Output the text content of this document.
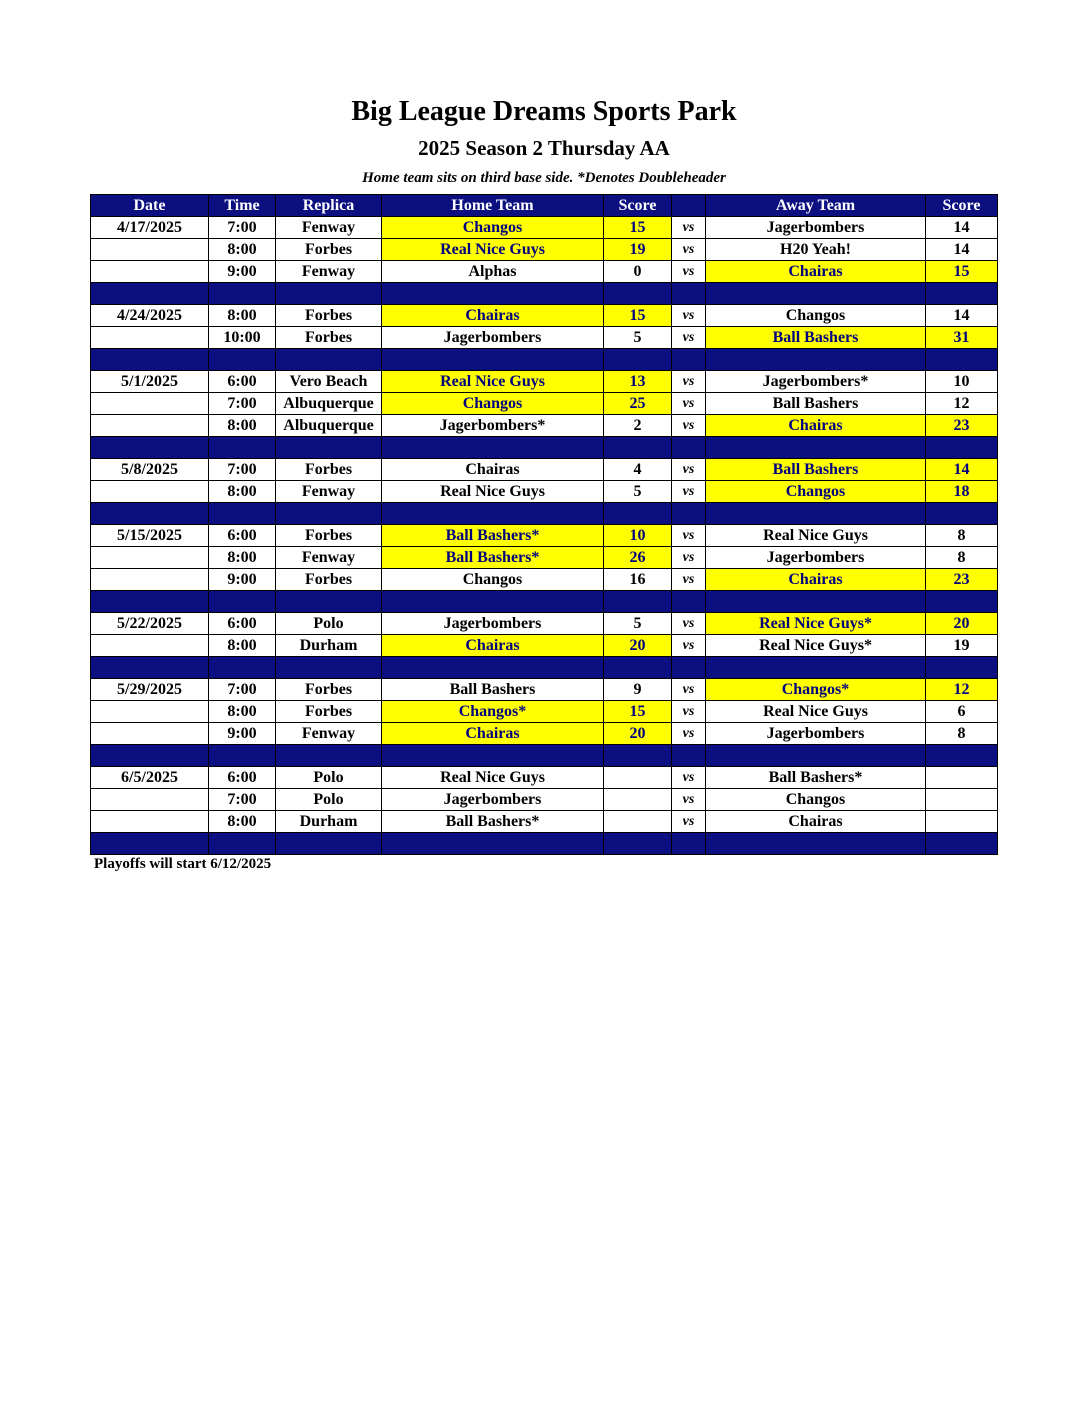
Big League Dreams Sports Park
2025 Season 2 Thursday AA

Home team sits on third base side. *Denotes Doubleheader

Date	Time	Replica	Home Team	Score		Away Team	Score
4/17/2025	7:00	Fenway	Changos	15	vs	Jagerbombers	14
	8:00	Forbes	Real Nice Guys	19	vs	H20 Yeah!	14
	9:00	Fenway	Alphas	0	vs	Chairas	15

4/24/2025	8:00	Forbes	Chairas	15	vs	Changos	14
	10:00	Forbes	Jagerbombers	5	vs	Ball Bashers	31

5/1/2025	6:00	Vero Beach	Real Nice Guys	13	vs	Jagerbombers*	10
	7:00	Albuquerque	Changos	25	vs	Ball Bashers	12
	8:00	Albuquerque	Jagerbombers*	2	vs	Chairas	23

5/8/2025	7:00	Forbes	Chairas	4	vs	Ball Bashers	14
	8:00	Fenway	Real Nice Guys	5	vs	Changos	18

5/15/2025	6:00	Forbes	Ball Bashers*	10	vs	Real Nice Guys	8
	8:00	Fenway	Ball Bashers*	26	vs	Jagerbombers	8
	9:00	Forbes	Changos	16	vs	Chairas	23

5/22/2025	6:00	Polo	Jagerbombers	5	vs	Real Nice Guys*	20
	8:00	Durham	Chairas	20	vs	Real Nice Guys*	19

5/29/2025	7:00	Forbes	Ball Bashers	9	vs	Changos*	12
	8:00	Forbes	Changos*	15	vs	Real Nice Guys	6
	9:00	Fenway	Chairas	20	vs	Jagerbombers	8

6/5/2025	6:00	Polo	Real Nice Guys		vs	Ball Bashers*	
	7:00	Polo	Jagerbombers		vs	Changos	
	8:00	Durham	Ball Bashers*		vs	Chairas	

Playoffs will start 6/12/2025
